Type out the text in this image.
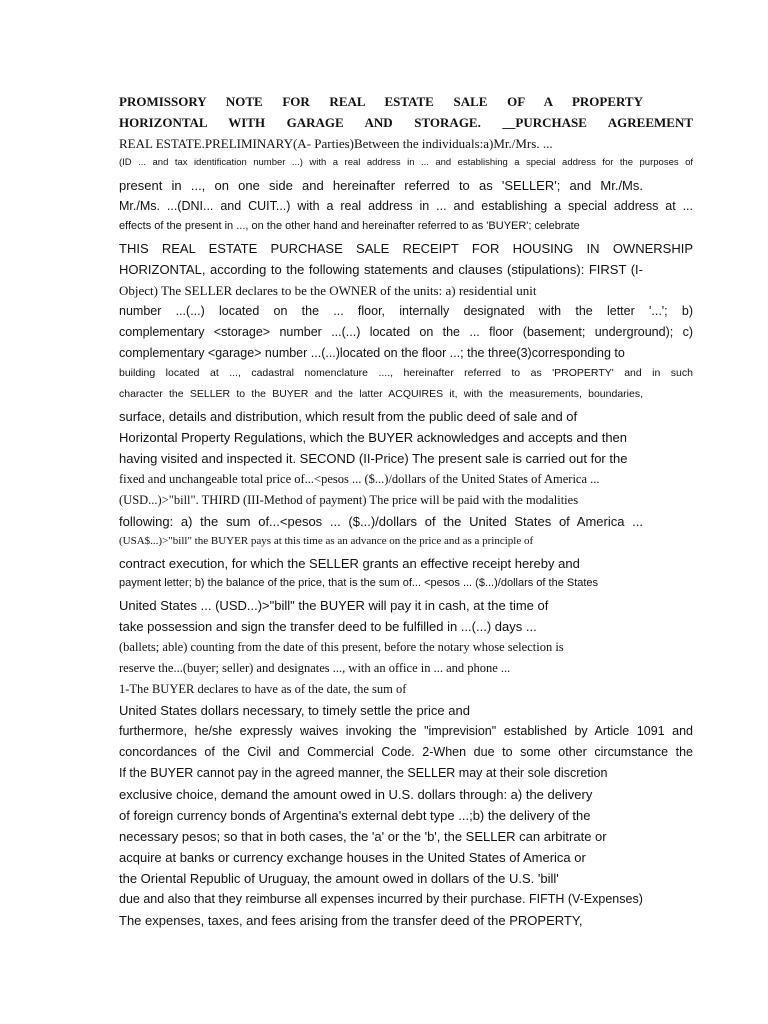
PROMISSORY NOTE FOR REAL ESTATE SALE OF A PROPERTY
HORIZONTAL WITH GARAGE AND STORAGE. __PURCHASE AGREEMENT
REAL ESTATE.PRELIMINARY(A- Parties)Between the individuals:a)Mr./Mrs. ...
(ID ... and tax identification number ...) with a real address in ... and establishing a special address for the purposes of
present in ..., on one side and hereinafter referred to as 'SELLER'; and Mr./Ms.
Mr./Ms. ...(DNI... and CUIT...) with a real address in ... and establishing a special address at ...
effects of the present in ..., on the other hand and hereinafter referred to as 'BUYER'; celebrate
THIS REAL ESTATE PURCHASE SALE RECEIPT FOR HOUSING IN OWNERSHIP
HORIZONTAL, according to the following statements and clauses (stipulations): FIRST (I-
Object) The SELLER declares to be the OWNER of the units: a) residential unit
number ...(...) located on the ... floor, internally designated with the letter '...'; b)
complementary <storage> number ...(...) located on the ... floor (basement; underground); c)
complementary <garage> number ...(...)located on the floor ...; the three(3)corresponding to
building located at ..., cadastral nomenclature ...., hereinafter referred to as 'PROPERTY' and in such
character the SELLER to the BUYER and the latter ACQUIRES it, with the measurements, boundaries,
surface, details and distribution, which result from the public deed of sale and of
Horizontal Property Regulations, which the BUYER acknowledges and accepts and then
having visited and inspected it. SECOND (II-Price) The present sale is carried out for the
fixed and unchangeable total price of...<pesos ... ($...)/dollars of the United States of America ...
(USD...)>"bill". THIRD (III-Method of payment) The price will be paid with the modalities
following: a) the sum of...<pesos ... ($...)/dollars of the United States of America ...
(USA$...)>"bill" the BUYER pays at this time as an advance on the price and as a principle of
contract execution, for which the SELLER grants an effective receipt hereby and
payment letter; b) the balance of the price, that is the sum of... <pesos ... ($...)/dollars of the States
United States ... (USD...)>"bill" the BUYER will pay it in cash, at the time of
take possession and sign the transfer deed to be fulfilled in ...(...) days ...
(ballets; able) counting from the date of this present, before the notary whose selection is
reserve the...(buyer; seller) and designates ..., with an office in ... and phone ...
1-The BUYER declares to have as of the date, the sum of
United States dollars necessary, to timely settle the price and
furthermore, he/she expressly waives invoking the "imprevision" established by Article 1091 and
concordances of the Civil and Commercial Code. 2-When due to some other circumstance the
If the BUYER cannot pay in the agreed manner, the SELLER may at their sole discretion
exclusive choice, demand the amount owed in U.S. dollars through: a) the delivery
of foreign currency bonds of Argentina's external debt type ...;b) the delivery of the
necessary pesos; so that in both cases, the 'a' or the 'b', the SELLER can arbitrate or
acquire at banks or currency exchange houses in the United States of America or
the Oriental Republic of Uruguay, the amount owed in dollars of the U.S. 'bill'
due and also that they reimburse all expenses incurred by their purchase. FIFTH (V-Expenses)
The expenses, taxes, and fees arising from the transfer deed of the PROPERTY,
